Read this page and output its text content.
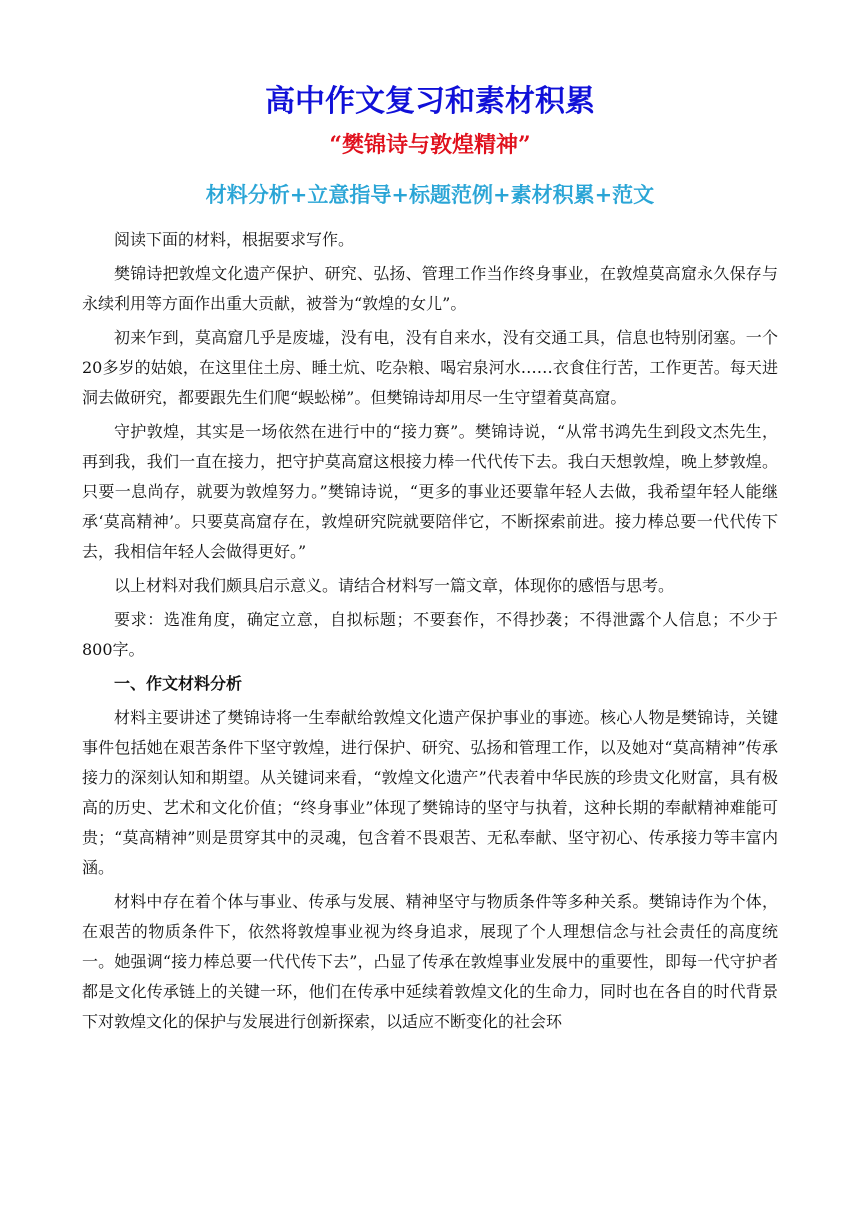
高中作文复习和素材积累
“樊锦诗与敦煌精神”
材料分析+立意指导+标题范例+素材积累+范文

阅读下面的材料，根据要求写作。

樊锦诗把敦煌文化遗产保护、研究、弘扬、管理工作当作终身事业，在敦煌莫高窟永久保存与永续利用等方面作出重大贡献，被誉为“敦煌的女儿”。

初来乍到，莫高窟几乎是废墟，没有电，没有自来水，没有交通工具，信息也特别闭塞。一个20多岁的姑娘，在这里住土房、睡土炕、吃杂粮、喝宕泉河水……衣食住行苦，工作更苦。每天进洞去做研究，都要跟先生们爬“蜈蚣梯”。但樊锦诗却用尽一生守望着莫高窟。

守护敦煌，其实是一场依然在进行中的“接力赛”。樊锦诗说，“从常书鸿先生到段文杰先生，再到我，我们一直在接力，把守护莫高窟这根接力棒一代代传下去。我白天想敦煌，晚上梦敦煌。只要一息尚存，就要为敦煌努力。”樊锦诗说，“更多的事业还要靠年轻人去做，我希望年轻人能继承‘莫高精神’。只要莫高窟存在，敦煌研究院就要陪伴它，不断探索前进。接力棒总要一代代传下去，我相信年轻人会做得更好。”

以上材料对我们颇具启示意义。请结合材料写一篇文章，体现你的感悟与思考。

要求：选准角度，确定立意，自拟标题；不要套作，不得抄袭；不得泄露个人信息；不少于800字。

一、作文材料分析

材料主要讲述了樊锦诗将一生奉献给敦煌文化遗产保护事业的事迹。核心人物是樊锦诗，关键事件包括她在艰苦条件下坚守敦煌，进行保护、研究、弘扬和管理工作，以及她对“莫高精神”传承接力的深刻认知和期望。从关键词来看，“敦煌文化遗产”代表着中华民族的珍贵文化财富，具有极高的历史、艺术和文化价值；“终身事业”体现了樊锦诗的坚守与执着，这种长期的奉献精神难能可贵；“莫高精神”则是贯穿其中的灵魂，包含着不畏艰苦、无私奉献、坚守初心、传承接力等丰富内涵。

材料中存在着个体与事业、传承与发展、精神坚守与物质条件等多种关系。樊锦诗作为个体，在艰苦的物质条件下，依然将敦煌事业视为终身追求，展现了个人理想信念与社会责任的高度统一。她强调“接力棒总要一代代传下去”，凸显了传承在敦煌事业发展中的重要性，即每一代守护者都是文化传承链上的关键一环，他们在传承中延续着敦煌文化的生命力，同时也在各自的时代背景下对敦煌文化的保护与发展进行创新探索，以适应不断变化的社会环
